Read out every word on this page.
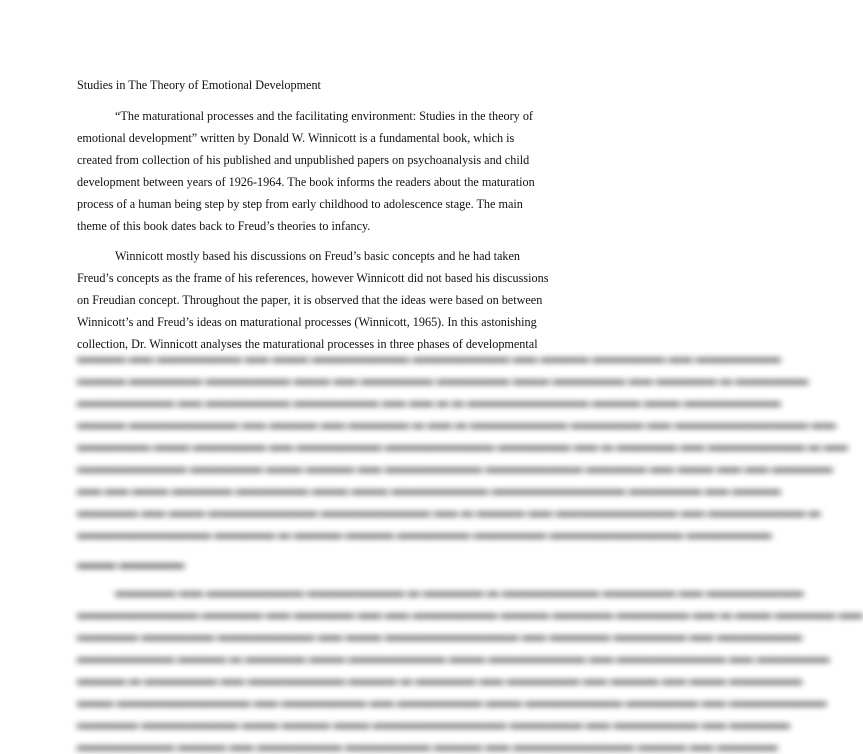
Studies in The Theory of Emotional Development

“The maturational processes and the facilitating environment: Studies in the theory of

emotional development” written by Donald W. Winnicott is a fundamental book, which is

created from collection of his published and unpublished papers on psychoanalysis and child

development between years of 1926-1964. The book informs the readers about the maturation

process of a human being step by step from early childhood to adolescence stage. The main

theme of this book dates back to Freud’s theories to infancy.

Winnicott mostly based his discussions on Freud’s basic concepts and he had taken

Freud’s concepts as the frame of his references, however Winnicott did not based his discussions

on Freudian concept. Throughout the paper, it is observed that the ideas were based on between

Winnicott’s and Freud’s ideas on maturational processes (Winnicott, 1965). In this astonishing

collection, Dr. Winnicott analyses the maturational processes in three phases of developmental

▬▬▬▬ ▬▬ ▬▬▬▬▬▬▬ ▬▬ ▬▬▬ ▬▬▬▬▬▬▬▬ ▬▬▬▬▬▬▬▬ ▬▬ ▬▬▬▬ ▬▬▬▬▬▬ ▬▬ ▬▬▬▬▬▬▬
▬▬▬▬ ▬▬▬▬▬▬ ▬▬▬▬▬▬▬ ▬▬▬ ▬▬ ▬▬▬▬▬▬ ▬▬▬▬▬▬ ▬▬▬ ▬▬▬▬▬▬ ▬▬ ▬▬▬▬▬ ▬ ▬▬▬▬▬▬
▬▬▬▬▬▬▬▬ ▬▬ ▬▬▬▬▬▬▬ ▬▬▬▬▬▬▬ ▬▬ ▬▬ ▬ ▬ ▬▬▬▬▬▬▬▬▬▬ ▬▬▬▬ ▬▬▬ ▬▬▬▬▬▬▬▬
▬▬▬▬ ▬▬▬▬▬▬▬▬▬ ▬▬ ▬▬▬▬ ▬▬ ▬▬▬▬▬ ▬ ▬▬ ▬ ▬▬▬▬▬▬▬▬ ▬▬▬▬▬▬ ▬▬ ▬▬▬▬▬▬▬▬▬▬▬ ▬▬
▬▬▬▬▬▬ ▬▬▬ ▬▬▬▬▬▬ ▬▬ ▬▬▬▬▬▬▬ ▬▬▬▬▬▬▬▬▬ ▬▬▬▬▬▬ ▬▬ ▬ ▬▬▬▬▬ ▬▬ ▬▬▬▬▬▬▬▬ ▬ ▬▬
▬▬▬▬▬▬▬▬▬ ▬▬▬▬▬▬ ▬▬▬ ▬▬▬▬ ▬▬ ▬▬▬▬▬▬▬▬ ▬▬▬▬▬▬▬▬ ▬▬▬▬▬ ▬▬ ▬▬▬ ▬▬ ▬▬ ▬▬▬▬▬
▬▬ ▬▬ ▬▬▬ ▬▬▬▬▬ ▬▬▬▬▬▬ ▬▬▬ ▬▬▬ ▬▬▬▬▬▬▬▬ ▬▬▬▬▬▬▬▬▬▬▬ ▬▬▬▬▬▬ ▬▬ ▬▬▬▬
▬▬▬▬▬ ▬▬ ▬▬▬ ▬▬▬▬▬▬▬▬▬ ▬▬▬▬▬▬▬▬▬ ▬▬ ▬ ▬▬▬▬ ▬▬ ▬▬▬▬▬▬▬▬▬▬ ▬▬ ▬▬▬▬▬▬▬▬ ▬
▬▬▬▬▬▬▬▬▬▬▬ ▬▬▬▬▬ ▬ ▬▬▬▬ ▬▬▬▬ ▬▬▬▬▬▬ ▬▬▬▬▬▬ ▬▬▬▬▬▬▬▬▬▬▬ ▬▬▬▬▬▬▬
▬▬▬ ▬▬▬▬▬
▬▬▬▬▬ ▬▬ ▬▬▬▬▬▬▬▬ ▬▬▬▬▬▬▬▬ ▬ ▬▬▬▬▬ ▬ ▬▬▬▬▬▬▬▬ ▬▬▬▬▬▬ ▬▬ ▬▬▬▬▬▬▬▬
▬▬▬▬▬▬▬▬▬▬ ▬▬▬▬▬ ▬▬ ▬▬▬▬▬ ▬▬ ▬▬ ▬▬▬▬▬▬▬ ▬▬▬▬ ▬▬▬▬▬ ▬▬▬▬▬▬ ▬▬ ▬ ▬▬▬ ▬▬▬▬▬ ▬▬
▬▬▬▬▬ ▬▬▬▬▬▬ ▬▬▬▬▬▬▬▬ ▬▬ ▬▬▬ ▬▬▬▬▬▬▬▬▬▬▬ ▬▬ ▬▬▬▬▬ ▬▬▬▬▬▬ ▬▬ ▬▬▬▬▬▬▬
▬▬▬▬▬▬▬▬ ▬▬▬▬ ▬ ▬▬▬▬▬ ▬▬▬ ▬▬▬▬▬▬▬▬ ▬▬▬ ▬▬▬▬▬▬▬▬ ▬▬ ▬▬▬▬▬▬▬▬▬ ▬▬ ▬▬▬▬▬▬
▬▬▬▬ ▬ ▬▬▬▬▬▬ ▬▬ ▬▬▬▬▬▬▬▬ ▬▬▬▬ ▬ ▬▬▬▬▬ ▬▬ ▬▬▬▬▬▬ ▬▬ ▬▬▬▬ ▬▬ ▬▬▬ ▬▬▬▬▬▬
▬▬▬ ▬▬▬▬▬▬▬▬▬▬▬ ▬▬ ▬▬▬▬▬▬▬ ▬▬ ▬▬▬▬▬▬▬ ▬▬▬ ▬▬▬▬▬▬▬▬ ▬▬▬▬▬▬ ▬▬ ▬▬▬▬▬▬▬▬
▬▬▬▬▬ ▬▬▬▬▬▬▬▬ ▬▬▬ ▬▬▬▬ ▬▬▬ ▬▬▬▬▬▬▬▬▬▬▬ ▬▬▬▬▬▬ ▬▬ ▬▬▬▬▬▬▬ ▬▬ ▬▬▬▬▬
▬▬▬▬▬▬▬▬ ▬▬▬▬ ▬▬ ▬▬▬▬▬▬▬ ▬▬▬▬▬▬▬ ▬▬▬▬ ▬▬ ▬▬▬▬▬▬▬▬▬▬ ▬▬▬▬ ▬▬ ▬▬▬▬▬
